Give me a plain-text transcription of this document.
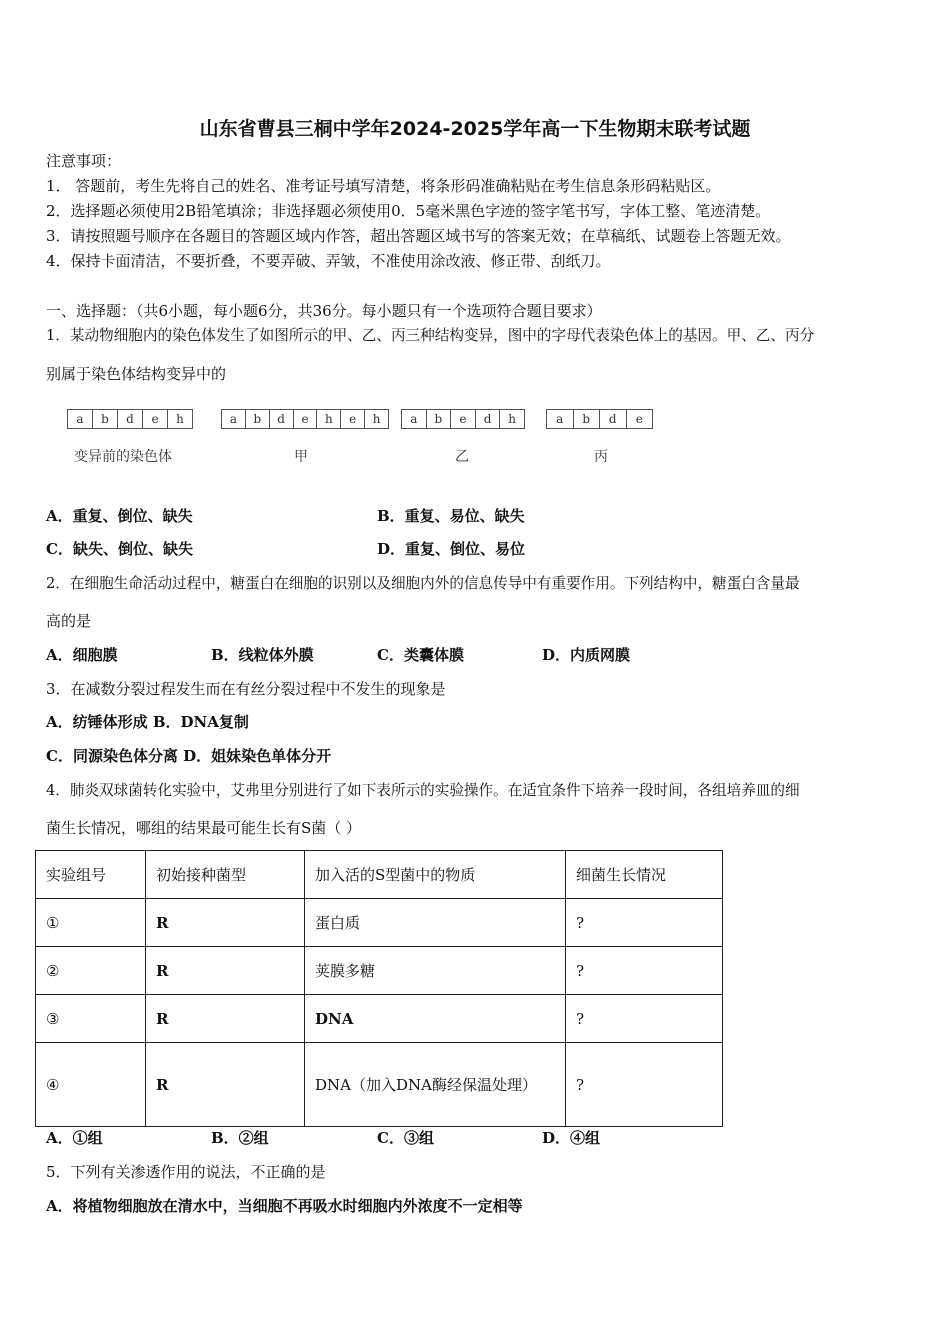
山东省曹县三桐中学年2024-2025学年高一下生物期末联考试题
注意事项：
1． 答题前，考生先将自己的姓名、准考证号填写清楚，将条形码准确粘贴在考生信息条形码粘贴区。
2．选择题必须使用2B铅笔填涂；非选择题必须使用0．5毫米黑色字迹的签字笔书写，字体工整、笔迹清楚。
3．请按照题号顺序在各题目的答题区域内作答，超出答题区域书写的答案无效；在草稿纸、试题卷上答题无效。
4．保持卡面清洁，不要折叠，不要弄破、弄皱，不准使用涂改液、修正带、刮纸刀。
一、选择题：（共6小题，每小题6分，共36分。每小题只有一个选项符合题目要求）
1．某动物细胞内的染色体发生了如图所示的甲、乙、丙三种结构变异，图中的字母代表染色体上的基因。甲、乙、丙分
别属于染色体结构变异中的
a	b	d	e	h	a	b	d	e	h	e	h	a	b	e	d	h	a	b	d	e
变异前的染色体	甲	乙	丙
A．重复、倒位、缺失	B．重复、易位、缺失
C．缺失、倒位、缺失	D．重复、倒位、易位
2．在细胞生命活动过程中，糖蛋白在细胞的识别以及细胞内外的信息传导中有重要作用。下列结构中，糖蛋白含量最
高的是
A．细胞膜	B．线粒体外膜	C．类囊体膜	D．内质网膜
3．在减数分裂过程发生而在有丝分裂过程中不发生的现象是
A．纺锤体形成 B．DNA复制
C．同源染色体分离 D．姐妹染色单体分开
4．肺炎双球菌转化实验中，艾弗里分别进行了如下表所示的实验操作。在适宜条件下培养一段时间，各组培养皿的细
菌生长情况，哪组的结果最可能生长有S菌（ ）
实验组号	初始接种菌型	加入活的S型菌中的物质	细菌生长情况
①	R	蛋白质	?
②	R	荚膜多糖	?
③	R	DNA	?
④	R	DNA（加入DNA酶经保温处理）	?
A．①组	B．②组	C．③组	D．④组
5．下列有关渗透作用的说法，不正确的是
A．将植物细胞放在清水中，当细胞不再吸水时细胞内外浓度不一定相等
